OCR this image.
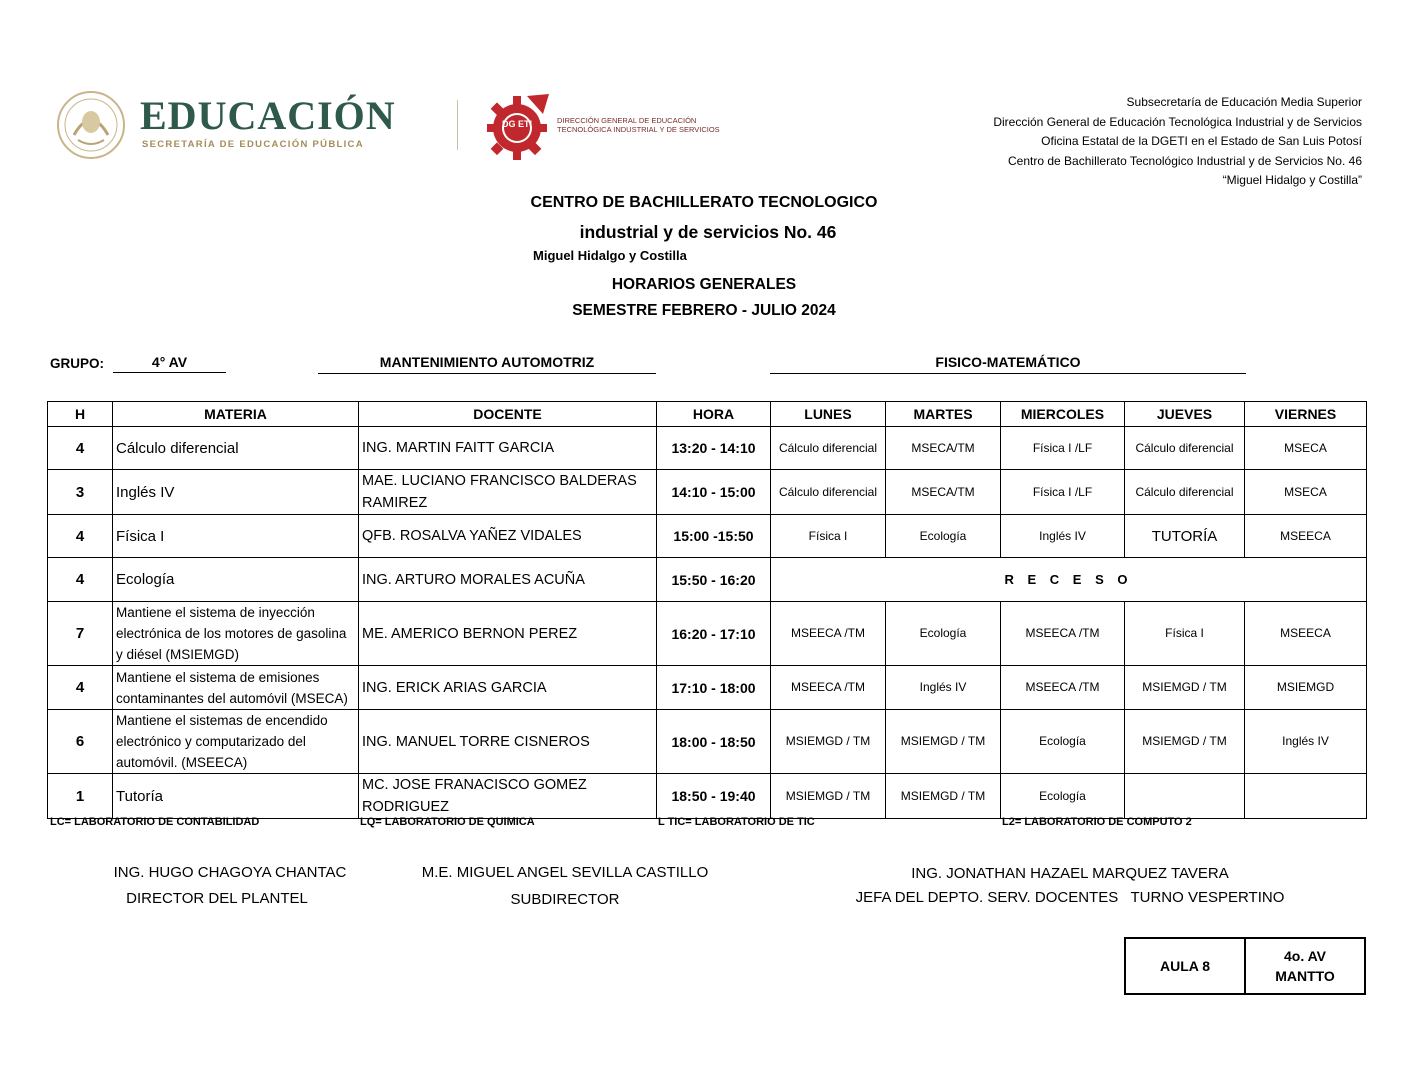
EDUCACIÓN
SECRETARÍA DE EDUCACIÓN PÚBLICA
DG ETI	DIRECCIÓN GENERAL DE EDUCACIÓN
TECNOLÓGICA INDUSTRIAL Y DE SERVICIOS
Subsecretaría de Educación Media Superior
Dirección General de Educación Tecnológica Industrial y de Servicios
Oficina Estatal de la DGETI en el Estado de San Luis Potosí
Centro de Bachillerato Tecnológico Industrial y de Servicios No. 46
“Miguel Hidalgo y Costilla”
CENTRO DE BACHILLERATO TECNOLOGICO
industrial y de servicios No. 46
Miguel Hidalgo y Costilla
HORARIOS GENERALES
SEMESTRE FEBRERO - JULIO 2024
GRUPO:	4° AV	MANTENIMIENTO AUTOMOTRIZ	FISICO-MATEMÁTICO
H	MATERIA	DOCENTE	HORA	LUNES	MARTES	MIERCOLES	JUEVES	VIERNES
4	Cálculo diferencial	ING. MARTIN FAITT GARCIA	13:20 - 14:10	Cálculo diferencial	MSECA/TM	Física I /LF	Cálculo diferencial	MSECA
3	Inglés IV	MAE. LUCIANO FRANCISCO BALDERAS RAMIREZ	14:10 - 15:00	Cálculo diferencial	MSECA/TM	Física I /LF	Cálculo diferencial	MSECA
4	Física I	QFB. ROSALVA YAÑEZ VIDALES	15:00 -15:50	Física I	Ecología	Inglés IV	TUTORÍA	MSEECA
4	Ecología	ING. ARTURO MORALES ACUÑA	15:50 - 16:20	R E C E S O				
7	Mantiene el sistema de inyección electrónica de los motores de gasolina y diésel (MSIEMGD)	ME. AMERICO BERNON PEREZ	16:20 - 17:10	MSEECA /TM	Ecología	MSEECA /TM	Física I	MSEECA
4	Mantiene el sistema de emisiones contaminantes del automóvil (MSECA)	ING. ERICK ARIAS GARCIA	17:10 - 18:00	MSEECA /TM	Inglés IV	MSEECA /TM	MSIEMGD / TM	MSIEMGD
6	Mantiene el sistemas de encendido electrónico y computarizado del automóvil. (MSEECA)	ING. MANUEL TORRE CISNEROS	18:00 - 18:50	MSIEMGD / TM	MSIEMGD / TM	Ecología	MSIEMGD / TM	Inglés IV
1	Tutoría	MC. JOSE FRANACISCO GOMEZ RODRIGUEZ	18:50 - 19:40	MSIEMGD / TM	MSIEMGD / TM	Ecología		
LC= LABORATORIO DE CONTABILIDAD	LQ= LABORATORIO DE QUIMICA	L TIC= LABORATORIO DE TIC	L2= LABORATORIO DE COMPUTO 2
ING. HUGO CHAGOYA CHANTAC
DIRECTOR DEL PLANTEL
M.E. MIGUEL ANGEL SEVILLA CASTILLO
SUBDIRECTOR
ING. JONATHAN HAZAEL MARQUEZ TAVERA
JEFA DEL DEPTO. SERV. DOCENTES   TURNO VESPERTINO
AULA 8	
4o. AV
MANTTO
